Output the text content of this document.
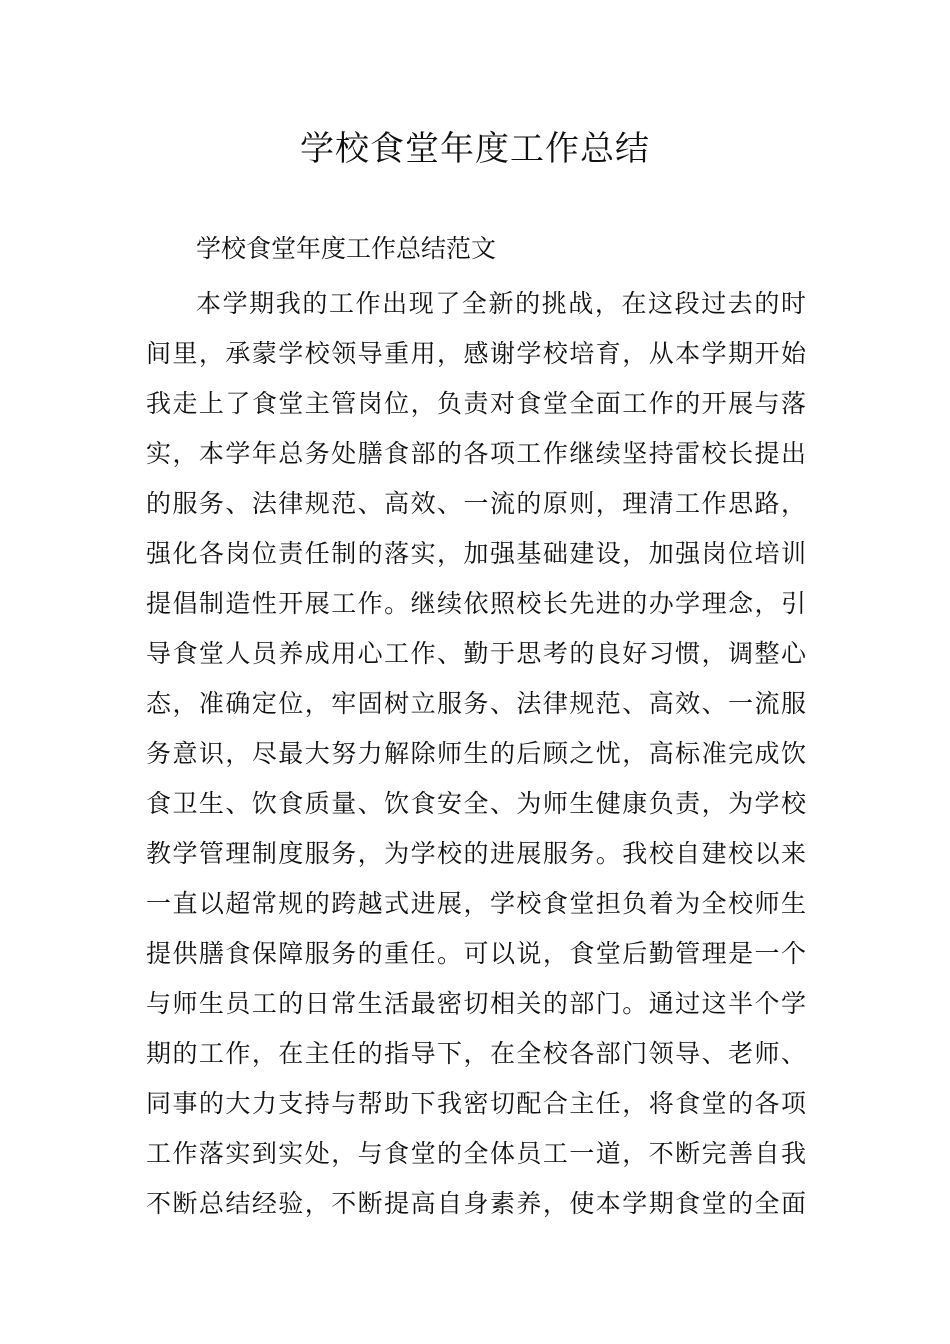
学校食堂年度工作总结

学校食堂年度工作总结范文

本学期我的工作出现了全新的挑战，在这段过去的时
间里，承蒙学校领导重用，感谢学校培育，从本学期开始
我走上了食堂主管岗位，负责对食堂全面工作的开展与落
实，本学年总务处膳食部的各项工作继续坚持雷校长提出
的服务、法律规范、高效、一流的原则，理清工作思路，
强化各岗位责任制的落实，加强基础建设，加强岗位培训
提倡制造性开展工作。继续依照校长先进的办学理念，引
导食堂人员养成用心工作、勤于思考的良好习惯，调整心
态，准确定位，牢固树立服务、法律规范、高效、一流服
务意识，尽最大努力解除师生的后顾之忧，高标准完成饮
食卫生、饮食质量、饮食安全、为师生健康负责，为学校
教学管理制度服务，为学校的进展服务。我校自建校以来
一直以超常规的跨越式进展，学校食堂担负着为全校师生
提供膳食保障服务的重任。可以说，食堂后勤管理是一个
与师生员工的日常生活最密切相关的部门。通过这半个学
期的工作，在主任的指导下，在全校各部门领导、老师、
同事的大力支持与帮助下我密切配合主任，将食堂的各项
工作落实到实处，与食堂的全体员工一道，不断完善自我
不断总结经验，不断提高自身素养，使本学期食堂的全面
